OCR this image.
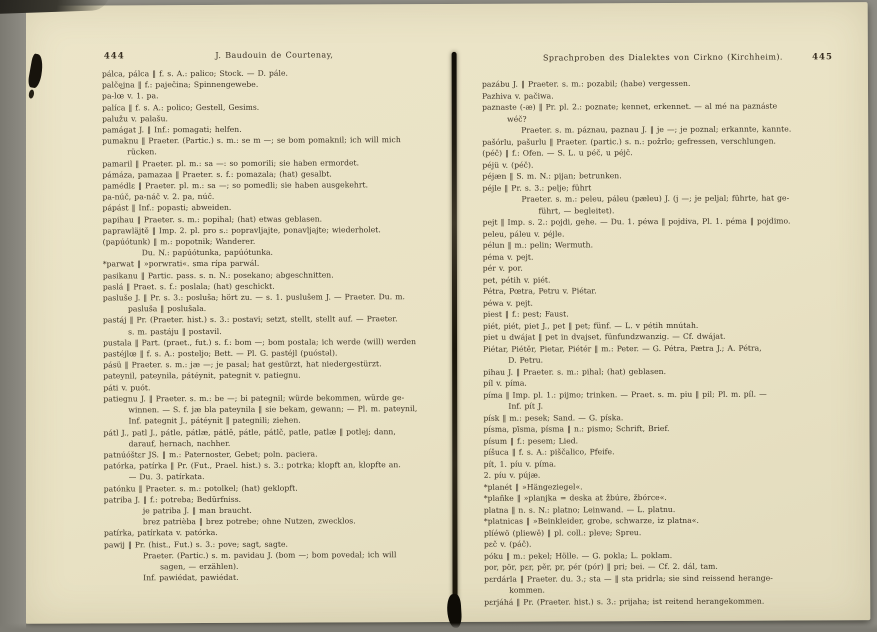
444	J. Baudouin de Courtenay,
pálca, pálca ‖ f. s. A.: palico; Stock. — D. pále.
palčęjna ‖ f.: paječina; Spinnengewebe.
pa-lœ v. 1. pa.
palíca ‖ f. s. A.: polico; Gestell, Gesims.
palužu v. palašu.
pamágat J. ‖ Inf.: pomagati; helfen.
pumaknu ‖ Praeter. (Partic.) s. m.: se m —; se bom pomaknil; ich will mich
rücken.
pamaril ‖ Praeter. pl. m.: sa —: so pomorili; sie haben ermordet.
pámáza, pamazaa ‖ Praeter. s. f.: pomazala; (hat) gesalbt.
pamédlɛ ‖ Praeter. pl. m.: sa —; so pomedli; sie haben ausgekehrt.
pa-núč, pa-náč v. 2. pa, núč.
pápást ‖ Inf.: popasti; abweiden.
papihau ‖ Praeter. s. m.: popihal; (hat) etwas geblasen.
paprawläjtě ‖ Imp. 2. pl. pro s.: popravljajte, ponavljajte; wiederholet.
(papúótunk) ‖ m.: popotnik; Wanderer.
Du. N.: papúótunka, papúótunka.
*parwat ‖ »porwrati«. sma rípa parwál.
pasikanu ‖ Partic. pass. s. n. N.: posekano; abgeschnitten.
paslá ‖ Praet. s. f.: poslala; (hat) geschickt.
pasluše J. ‖ Pr. s. 3.: posluša; hört zu. — s. 1. puslušem J. — Praeter. Du. m.
pasluša ‖ poslušala.
pastáj ‖ Pr. (Praeter. hist.) s. 3.: postavi; setzt, stellt, stellt auf. — Praeter.
s. m. pastáju ‖ postavil.
pustala ‖ Part. (praet., fut.) s. f.: bom —; bom postala; ich werde (will) werden
pastéjlœ ‖ f. s. A.: posteljo; Bett. — Pl. G. pastéjl (puóstǝl).
pásü ‖ Praeter. s. m.: jæ —; je pasal; hat gestürzt, hat niedergestürzt.
pateynil, pateynila, pátéynit, pategnit v. patiegnu.
páti v. puót.
patiegnu J. ‖ Praeter. s. m.: be —; bi pategnil; würde bekommen, würde ge-
winnen. — S. f. jæ bla pateynila ‖ sie bekam, gewann; — Pl. m. pateynil,
Inf. pategnit J., pátéynit ‖ pategnili; ziehen.
pátl J., patl J., pátle, pátlæ, pátlě, pátle, pátlč, patle, patlæ ‖ potlej; dann,
darauf, hernach, nachher.
patnúóštɛr JS. ‖ m.: Paternoster, Gebet; poln. paciera.
patórka, patírka ‖ Pr. (Fut., Prael. hist.) s. 3.: potrka; klopft an, klopfte an.
— Du. 3. patírkata.
patónku ‖ Praeter. s. m.: potolkel; (hat) geklopft.
patriba J. ‖ f.: potreba; Bedürfniss.
je patriba J. ‖ man braucht.
brez patrièba ‖ brez potrebe; ohne Nutzen, zwecklos.
patírka, patírkata v. patórka.
pawij ‖ Pr. (hist., Fut.) s. 3.: pove; sagt, sagte.
Praeter. (Partic.) s. m. pavidau J. (bom —; bom povedal; ich will
sagen, — erzählen).
Inf. pawiédat, pawiédat.
Sprachproben des Dialektes von Cirkno (Kirchheim).	445
pazábu J. ‖ Praeter. s. m.: pozabil; (habe) vergessen.
Pazhiva v. pačiwa.
paznaste (-æ) ‖ Pr. pl. 2.: poznate; kennet, erkennet. — al mé na paznáste
wéč?
Praeter. s. m. páznau, paznau J. ‖ je —; je poznal; erkannte, kannte.
pašórlu, pašurlu ‖ Praeter. (partic.) s. n.: požrlo; gefressen, verschlungen.
(péč) ‖ f.: Ofen. — S. L. u péč, u péjč.
péjü v. (péč).
péjæn ‖ S. m. N.: pijan; betrunken.
péjle ‖ Pr. s. 3.: pelje; führt
Praeter. s. m.: peleu, páleu (pæleu) J. (j —; je peljal; führte, hat ge-
führt, — begleitet).
pejt ‖ Imp. s. 2.: pojdi, gehe. — Du. 1. péwa ‖ pojdiva, Pl. 1. péma ‖ pojdimo.
peleu, páleu v. péjle.
pélun ‖ m.: pelin; Wermuth.
péma v. pejt.
pér v. por.
pet, pétih v. piét.
Pétra, Pœtra, Petru v. Piétar.
péwa v. pejt.
piest ‖ f.: pest; Faust.
piét, piét, piet J., pet ‖ pet; fünf. — L. v pétih mnútah.
piet u dwájat ‖ pet in dvajset, fünfundzwanzig. — Cf. dwájat.
Piétar, Piétěr, Pietar, Piétér ‖ m.: Peter. — G. Pétra, Pætra J.; A. Pétra,
D. Petru.
pihau J. ‖ Praeter. s. m.: pihal; (hat) geblasen.
píl v. píma.
píma ‖ Imp. pl. 1.: pijmo; trinken. — Praet. s. m. piu ‖ pil; Pl. m. píl. —
Inf. pít J.
písk ‖ m.: pesek; Sand. — G. píska.
písma, pīsma, písma ‖ n.: pismo; Schrift, Brief.
písum ‖ f.: pesem; Lied.
píšuca ‖ f. s. A.: piščalico, Pfeife.
pít, 1. píu v. píma.
2. píu v. pújæ.
*planét ‖ »Hängeziegel«.
*plañke ‖ »planjka = deska at žbúre, žbórce«.
platna ‖ n. s. N.: platno; Leinwand. — L. platnu.
*platnicas ‖ »Beinkleider, grobe, schwarze, iz platna«.
plíéwö (pliewě) ‖ pl. coll.: pleve; Spreu.
pɛč v. (páč).
póku ‖ m.: pekel; Hölle. — G. pokla; L. poklam.
por, pör, pɛr, pěr, pr, pér (pór) ‖ pri; bei. — Cf. 2. dál, tam.
pɛrdárla ‖ Praeter. du. 3.; sta — ‖ sta pridrla; sie sind reissend herange-
kommen.
pɛrjáhá ‖ Pr. (Praeter. hist.) s. 3.: prijaha; ist reitend herangekommen.
